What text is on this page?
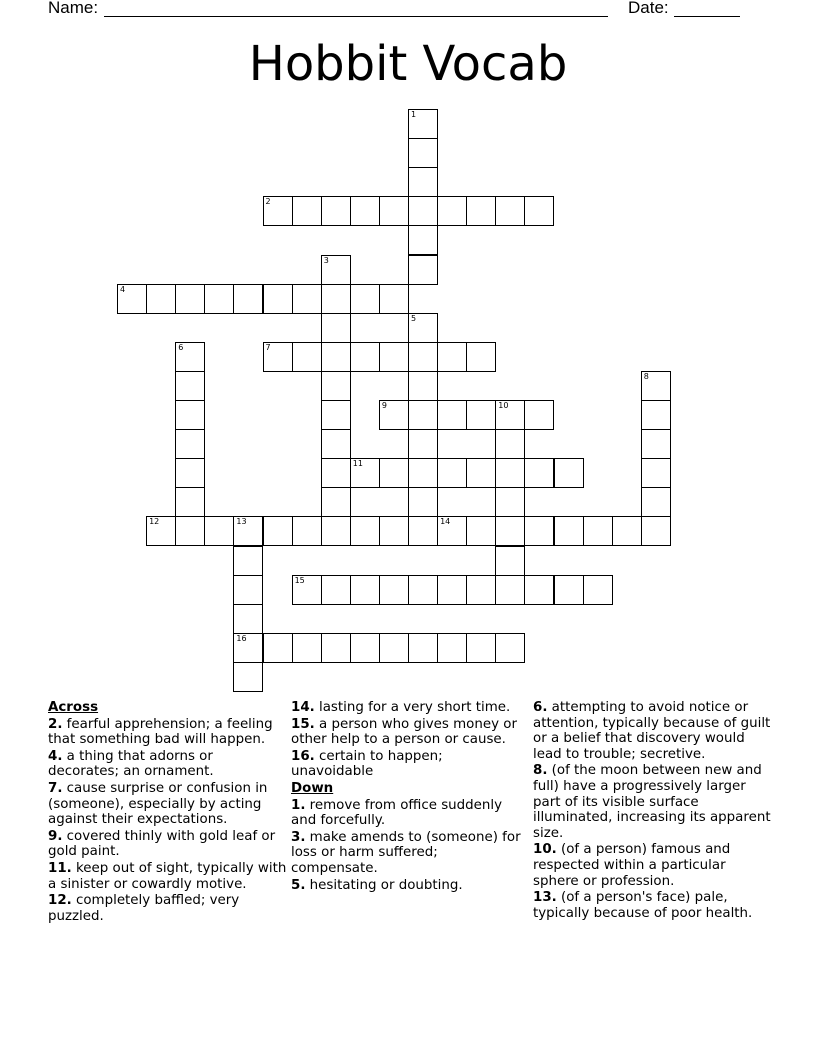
Name:	Date:
Hobbit Vocab
1
2
3
4
5
6	7
8
9	10
11
12	13
16
14
15
Across
2. fearful apprehension; a feeling that something bad will happen.
4. a thing that adorns or decorates; an ornament.
7. cause surprise or confusion in (someone), especially by acting against their expectations.
9. covered thinly with gold leaf or gold paint.
11. keep out of sight, typically with a sinister or cowardly motive.
12. completely baffled; very puzzled.
14. lasting for a very short time.
15. a person who gives money or other help to a person or cause.
16. certain to happen; unavoidable
Down
1. remove from office suddenly and forcefully.
3. make amends to (someone) for loss or harm suffered; compensate.
5. hesitating or doubting.
6. attempting to avoid notice or attention, typically because of guilt or a belief that discovery would lead to trouble; secretive.
8. (of the moon between new and full) have a progressively larger part of its visible surface illuminated, increasing its apparent size.
10. (of a person) famous and respected within a particular sphere or profession.
13. (of a person's face) pale, typically because of poor health.
